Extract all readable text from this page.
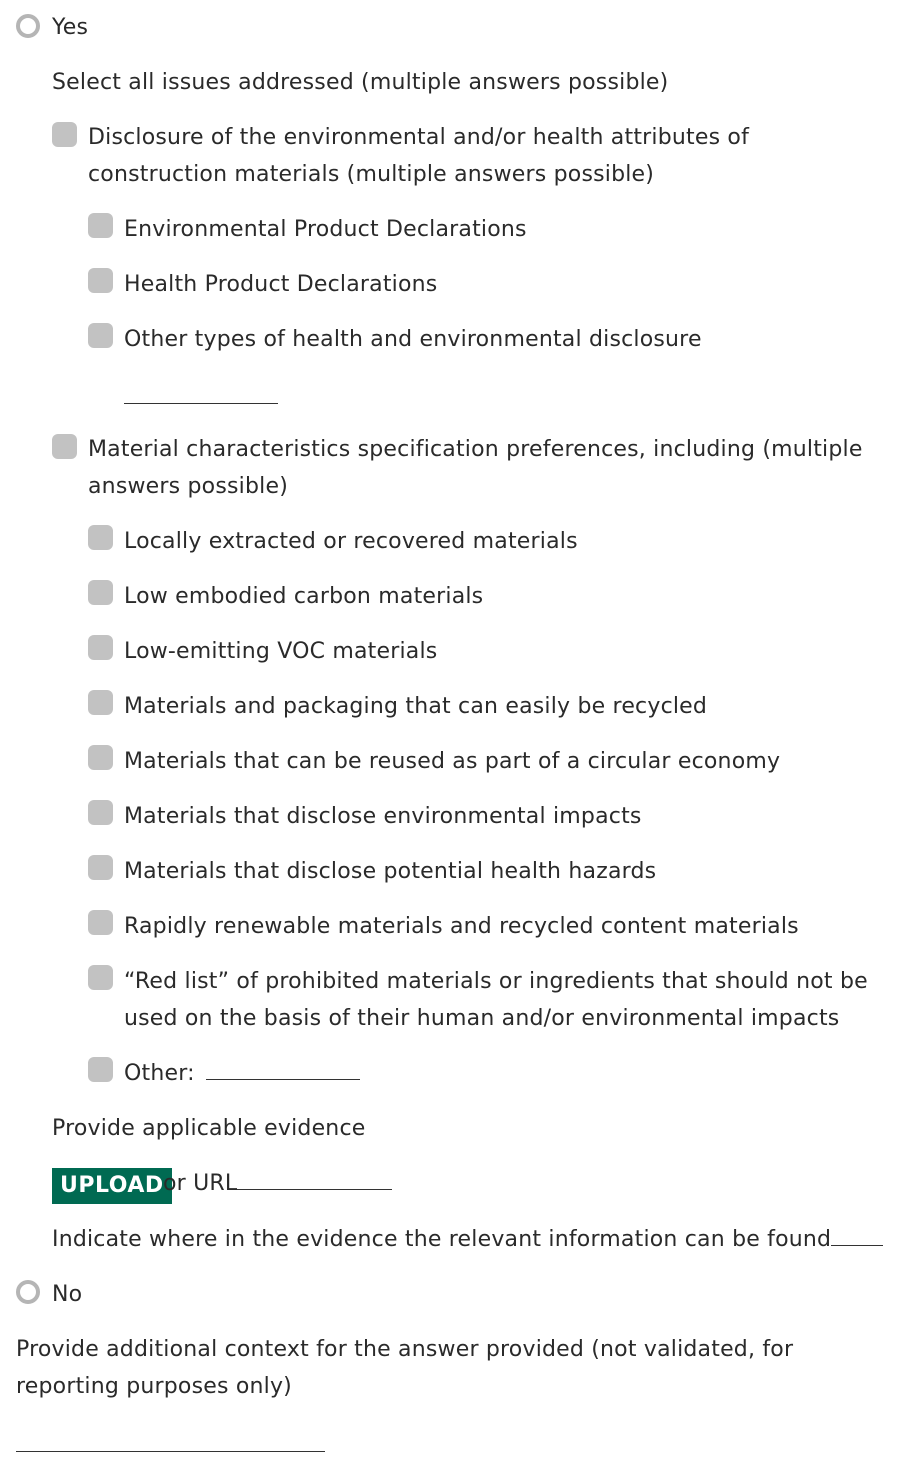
Yes
Select all issues addressed (multiple answers possible)
Disclosure of the environmental and/or health attributes of construction materials (multiple answers possible)
Environmental Product Declarations
Health Product Declarations
Other types of health and environmental disclosure
Material characteristics specification preferences, including (multiple answers possible)
Locally extracted or recovered materials
Low embodied carbon materials
Low-emitting VOC materials
Materials and packaging that can easily be recycled
Materials that can be reused as part of a circular economy
Materials that disclose environmental impacts
Materials that disclose potential health hazards
Rapidly renewable materials and recycled content materials
“Red list” of prohibited materials or ingredients that should not be used on the basis of their human and/or environmental impacts
Other:
Provide applicable evidence
UPLOAD or URL
Indicate where in the evidence the relevant information can be found
No
Provide additional context for the answer provided (not validated, for reporting purposes only)
